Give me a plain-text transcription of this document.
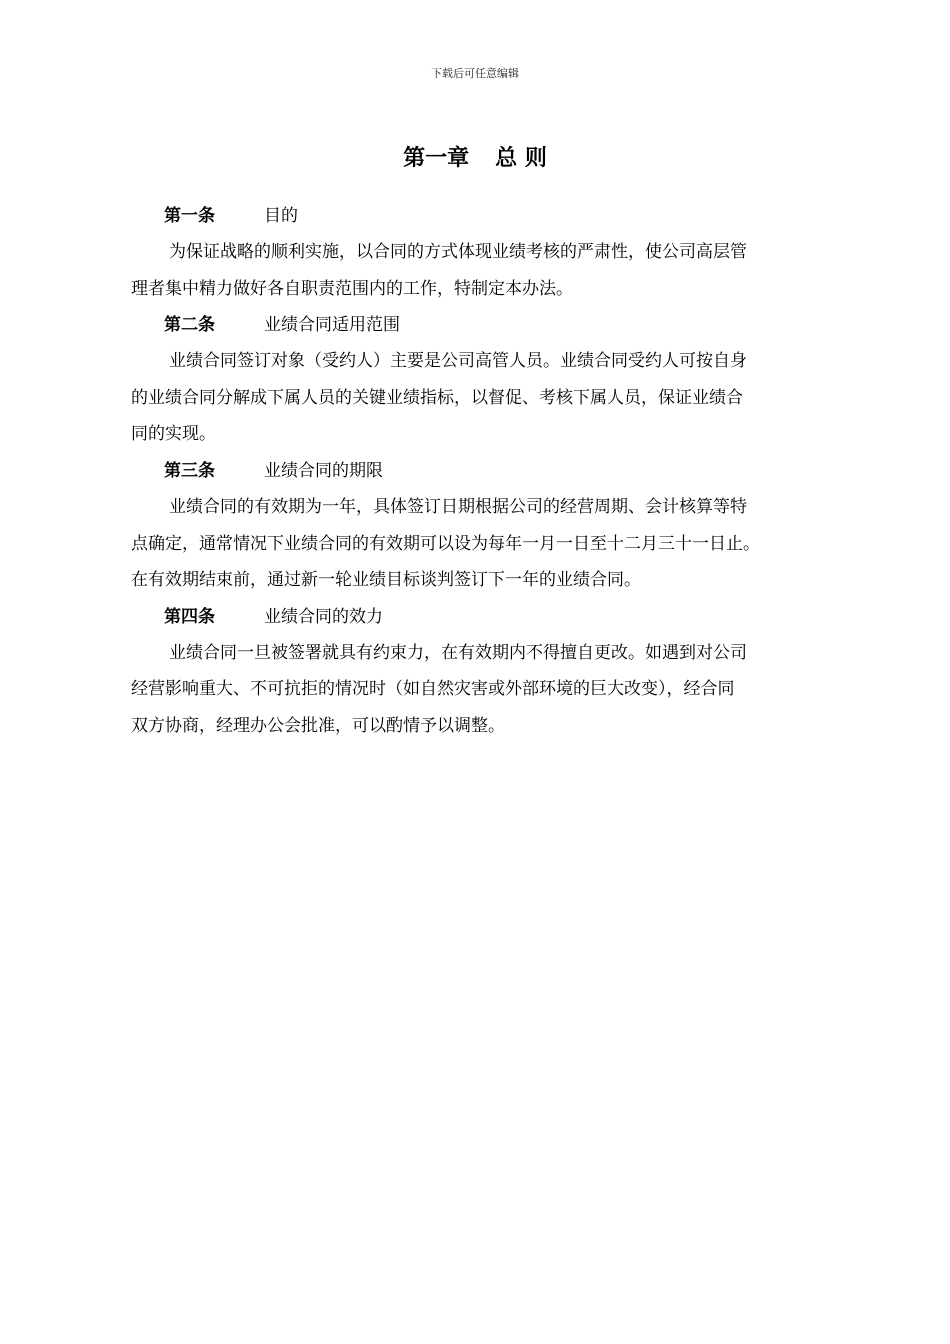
下载后可任意编辑
第一章 总 则
第一条	目的
为保证战略的顺利实施，以合同的方式体现业绩考核的严肃性，使公司高层管
理者集中精力做好各自职责范围内的工作，特制定本办法。
第二条	业绩合同适用范围
业绩合同签订对象（受约人）主要是公司高管人员。业绩合同受约人可按自身
的业绩合同分解成下属人员的关键业绩指标，以督促、考核下属人员，保证业绩合
同的实现。
第三条	业绩合同的期限
业绩合同的有效期为一年，具体签订日期根据公司的经营周期、会计核算等特
点确定，通常情况下业绩合同的有效期可以设为每年一月一日至十二月三十一日止。
在有效期结束前，通过新一轮业绩目标谈判签订下一年的业绩合同。
第四条	业绩合同的效力
业绩合同一旦被签署就具有约束力，在有效期内不得擅自更改。如遇到对公司
经营影响重大、不可抗拒的情况时（如自然灾害或外部环境的巨大改变），经合同
双方协商，经理办公会批准，可以酌情予以调整。
